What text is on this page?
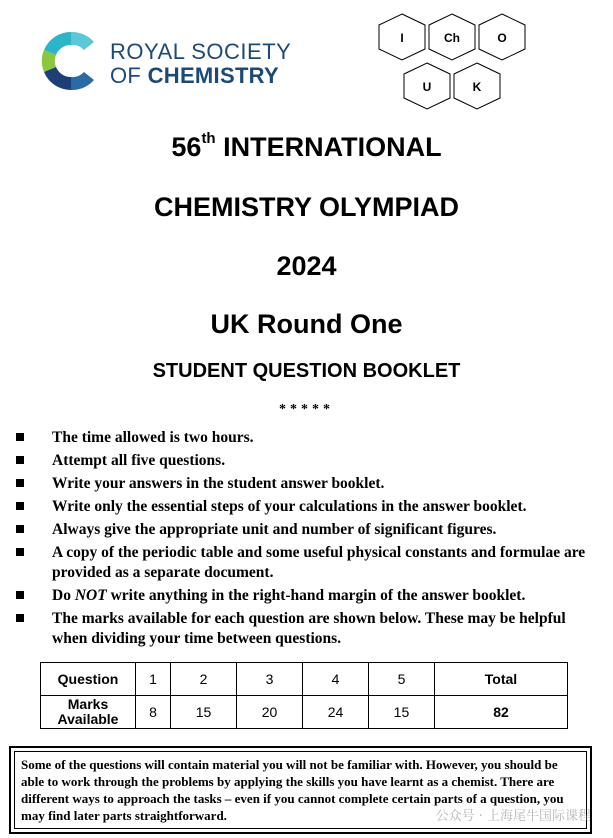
ROYAL SOCIETY
OF CHEMISTRY
I	Ch	O
U	K
56th INTERNATIONAL
CHEMISTRY OLYMPIAD
2024
UK Round One
STUDENT QUESTION BOOKLET
*****
The time allowed is two hours.
Attempt all five questions.
Write your answers in the student answer booklet.
Write only the essential steps of your calculations in the answer booklet.
Always give the appropriate unit and number of significant figures.
A copy of the periodic table and some useful physical constants and formulae are provided as a separate document.
Do NOT write anything in the right-hand margin of the answer booklet.
The marks available for each question are shown below. These may be helpful when dividing your time between questions.
Question	1	2	3	4	5	Total
Marks Available	8	15	20	24	15	82
Some of the questions will contain material you will not be familiar with. However, you should be able to work through the problems by applying the skills you have learnt as a chemist. There are different ways to approach the tasks – even if you cannot complete certain parts of a question, you may find later parts straightforward.	公众号 · 上海尾牛国际课程
